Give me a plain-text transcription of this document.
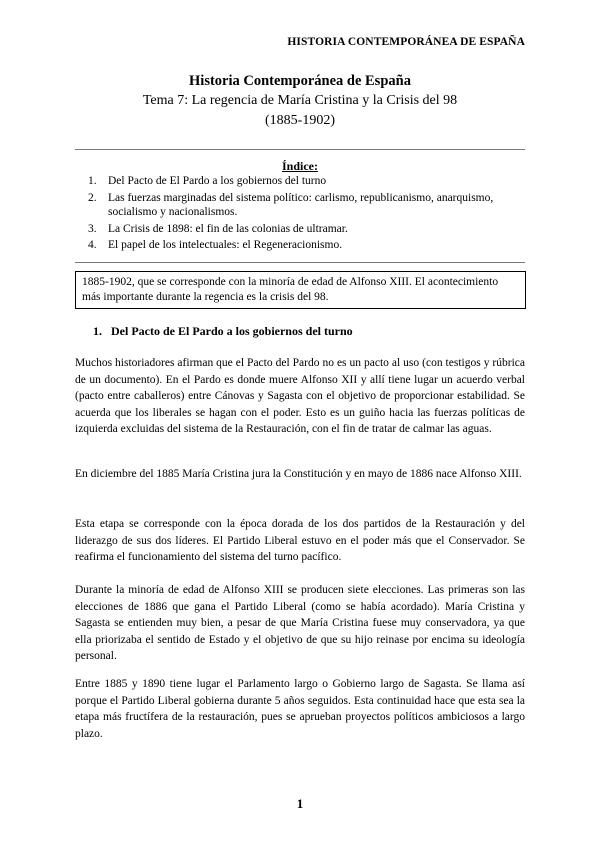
HISTORIA CONTEMPORÁNEA DE ESPAÑA

Historia Contemporánea de España

Tema 7: La regencia de María Cristina y la Crisis del 98

(1885-1902)

Índice:
1. Del Pacto de El Pardo a los gobiernos del turno
2. Las fuerzas marginadas del sistema político: carlismo, republicanismo, anarquismo, socialismo y nacionalismos.
3. La Crisis de 1898: el fin de las colonias de ultramar.
4. El papel de los intelectuales: el Regeneracionismo.
1885-1902, que se corresponde con la minoría de edad de Alfonso XIII. El acontecimiento más importante durante la regencia es la crisis del 98.
1. Del Pacto de El Pardo a los gobiernos del turno

Muchos historiadores afirman que el Pacto del Pardo no es un pacto al uso (con testigos y rúbrica de un documento). En el Pardo es donde muere Alfonso XII y allí tiene lugar un acuerdo verbal (pacto entre caballeros) entre Cánovas y Sagasta con el objetivo de proporcionar estabilidad. Se acuerda que los liberales se hagan con el poder. Esto es un guiño hacia las fuerzas políticas de izquierda excluidas del sistema de la Restauración, con el fin de tratar de calmar las aguas.

En diciembre del 1885 María Cristina jura la Constitución y en mayo de 1886 nace Alfonso XIII.

Esta etapa se corresponde con la época dorada de los dos partidos de la Restauración y del liderazgo de sus dos líderes. El Partido Liberal estuvo en el poder más que el Conservador. Se reafirma el funcionamiento del sistema del turno pacífico.

Durante la minoría de edad de Alfonso XIII se producen siete elecciones. Las primeras son las elecciones de 1886 que gana el Partido Liberal (como se había acordado). María Cristina y Sagasta se entienden muy bien, a pesar de que María Cristina fuese muy conservadora, ya que ella priorizaba el sentido de Estado y el objetivo de que su hijo reinase por encima su ideología personal.

Entre 1885 y 1890 tiene lugar el Parlamento largo o Gobierno largo de Sagasta. Se llama así porque el Partido Liberal gobierna durante 5 años seguidos. Esta continuidad hace que esta sea la etapa más fructífera de la restauración, pues se aprueban proyectos políticos ambiciosos a largo plazo.

1
